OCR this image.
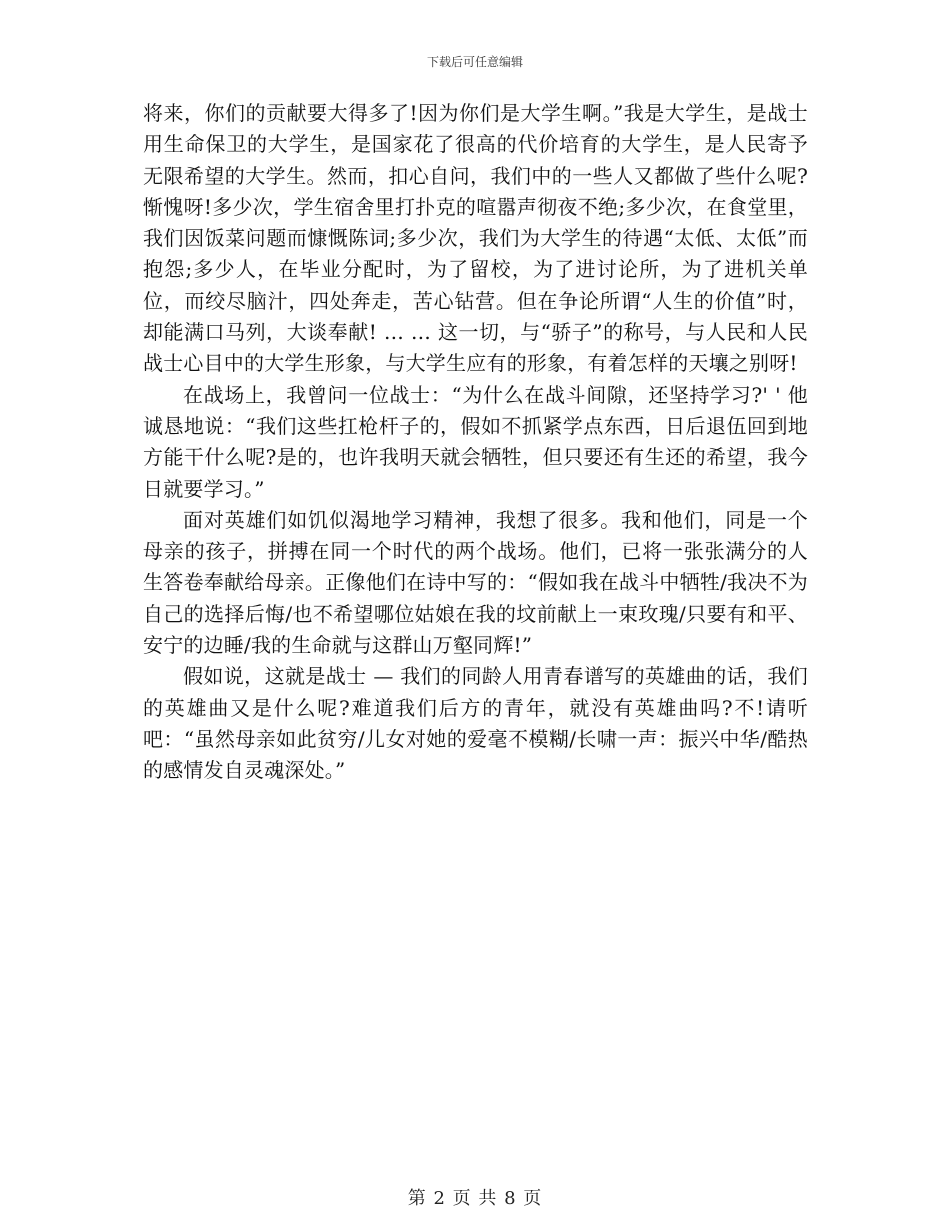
下载后可任意编辑

将来，你们的贡献要大得多了!因为你们是大学生啊。”我是大学生，是战士用生命保卫的大学生，是国家花了很高的代价培育的大学生，是人民寄予无限希望的大学生。然而，扣心自问，我们中的一些人又都做了些什么呢?惭愧呀!多少次，学生宿舍里打扑克的喧嚣声彻夜不绝;多少次，在食堂里，我们因饭菜问题而慷慨陈词;多少次，我们为大学生的待遇“太低、太低”而抱怨;多少人，在毕业分配时，为了留校，为了进讨论所，为了进机关单位，而绞尽脑汁，四处奔走，苦心钻营。但在争论所谓“人生的价值”时，却能满口马列，大谈奉献! … … 这一切，与“骄子”的称号，与人民和人民战士心目中的大学生形象，与大学生应有的形象，有着怎样的天壤之别呀!

在战场上，我曾问一位战士：“为什么在战斗间隙，还坚持学习?' ' 他诚恳地说：“我们这些扛枪杆子的，假如不抓紧学点东西，日后退伍回到地方能干什么呢?是的，也许我明天就会牺牲，但只要还有生还的希望，我今日就要学习。”

面对英雄们如饥似渴地学习精神，我想了很多。我和他们，同是一个母亲的孩子，拼搏在同一个时代的两个战场。他们，已将一张张满分的人生答卷奉献给母亲。正像他们在诗中写的：“假如我在战斗中牺牲/我决不为自己的选择后悔/也不希望哪位姑娘在我的坟前献上一束玫瑰/只要有和平、安宁的边睡/我的生命就与这群山万壑同辉!”

假如说，这就是战士 — 我们的同龄人用青春谱写的英雄曲的话，我们的英雄曲又是什么呢?难道我们后方的青年，就没有英雄曲吗?不!请听吧：“虽然母亲如此贫穷/儿女对她的爱毫不模糊/长啸一声：振兴中华/酷热的感情发自灵魂深处。”

第 2 页 共 8 页
